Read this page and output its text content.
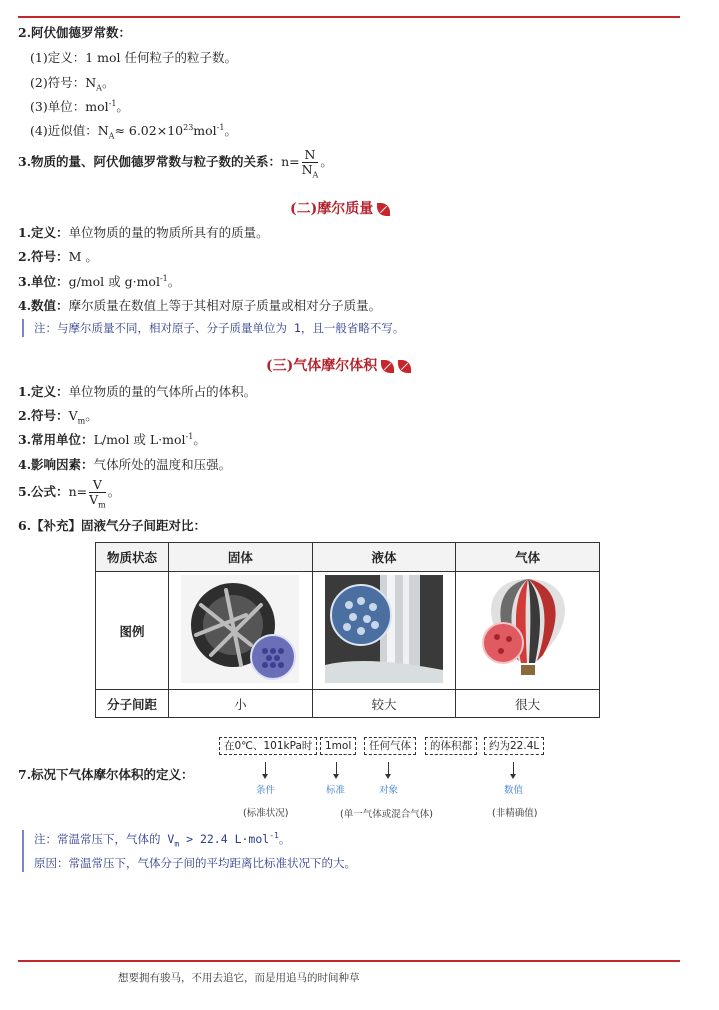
2.阿伏伽德罗常数：
(1)定义：1 mol 任何粒子的粒子数。
(2)符号：$N_A$。
(3)单位：mol$^{-1}$。
(4)近似值：$N_A\approx 6.02\times 10^{23}mol^{-1}$。
3.物质的量、阿伏伽德罗常数与粒子数的关系：$n= \frac{N}{N_A}$ 。
(二)摩尔质量
1.定义：单位物质的量的物质所具有的质量。
2.符号：M 。
3.单位：g/mol 或 g·mol$^{-1}$。
4.数值：摩尔质量在数值上等于其相对原子质量或相对分子质量。
注：与摩尔质量不同，相对原子、分子质量单位为 1，且一般省略不写。
(三)气体摩尔体积
1.定义：单位物质的量的气体所占的体积。
2.符号：$V_m$。
3.常用单位：L/mol 或 L·mol$^{-1}$。
4.影响因素：气体所处的温度和压强。
5.公式：$n= \frac{V}{V_m}$ 。
6.【补充】固液气分子间距对比：
物质状态	固体	液体	气体
图例			
分子间距	小	较大	很大
7.标况下气体摩尔体积的定义：
在0℃、101kPa时	1mol	任何气体	的体积都	约为22.4L
条件	标准	对象	数值
(标准状况)	(单一气体或混合气体)	(非精确值)
注：常温常压下，气体的 $V_m > 22.4$ L·mol$^{-1}$。
原因：常温常压下，气体分子间的平均距离比标准状况下的大。
想要拥有骏马，不用去追它，而是用追马的时间种草
